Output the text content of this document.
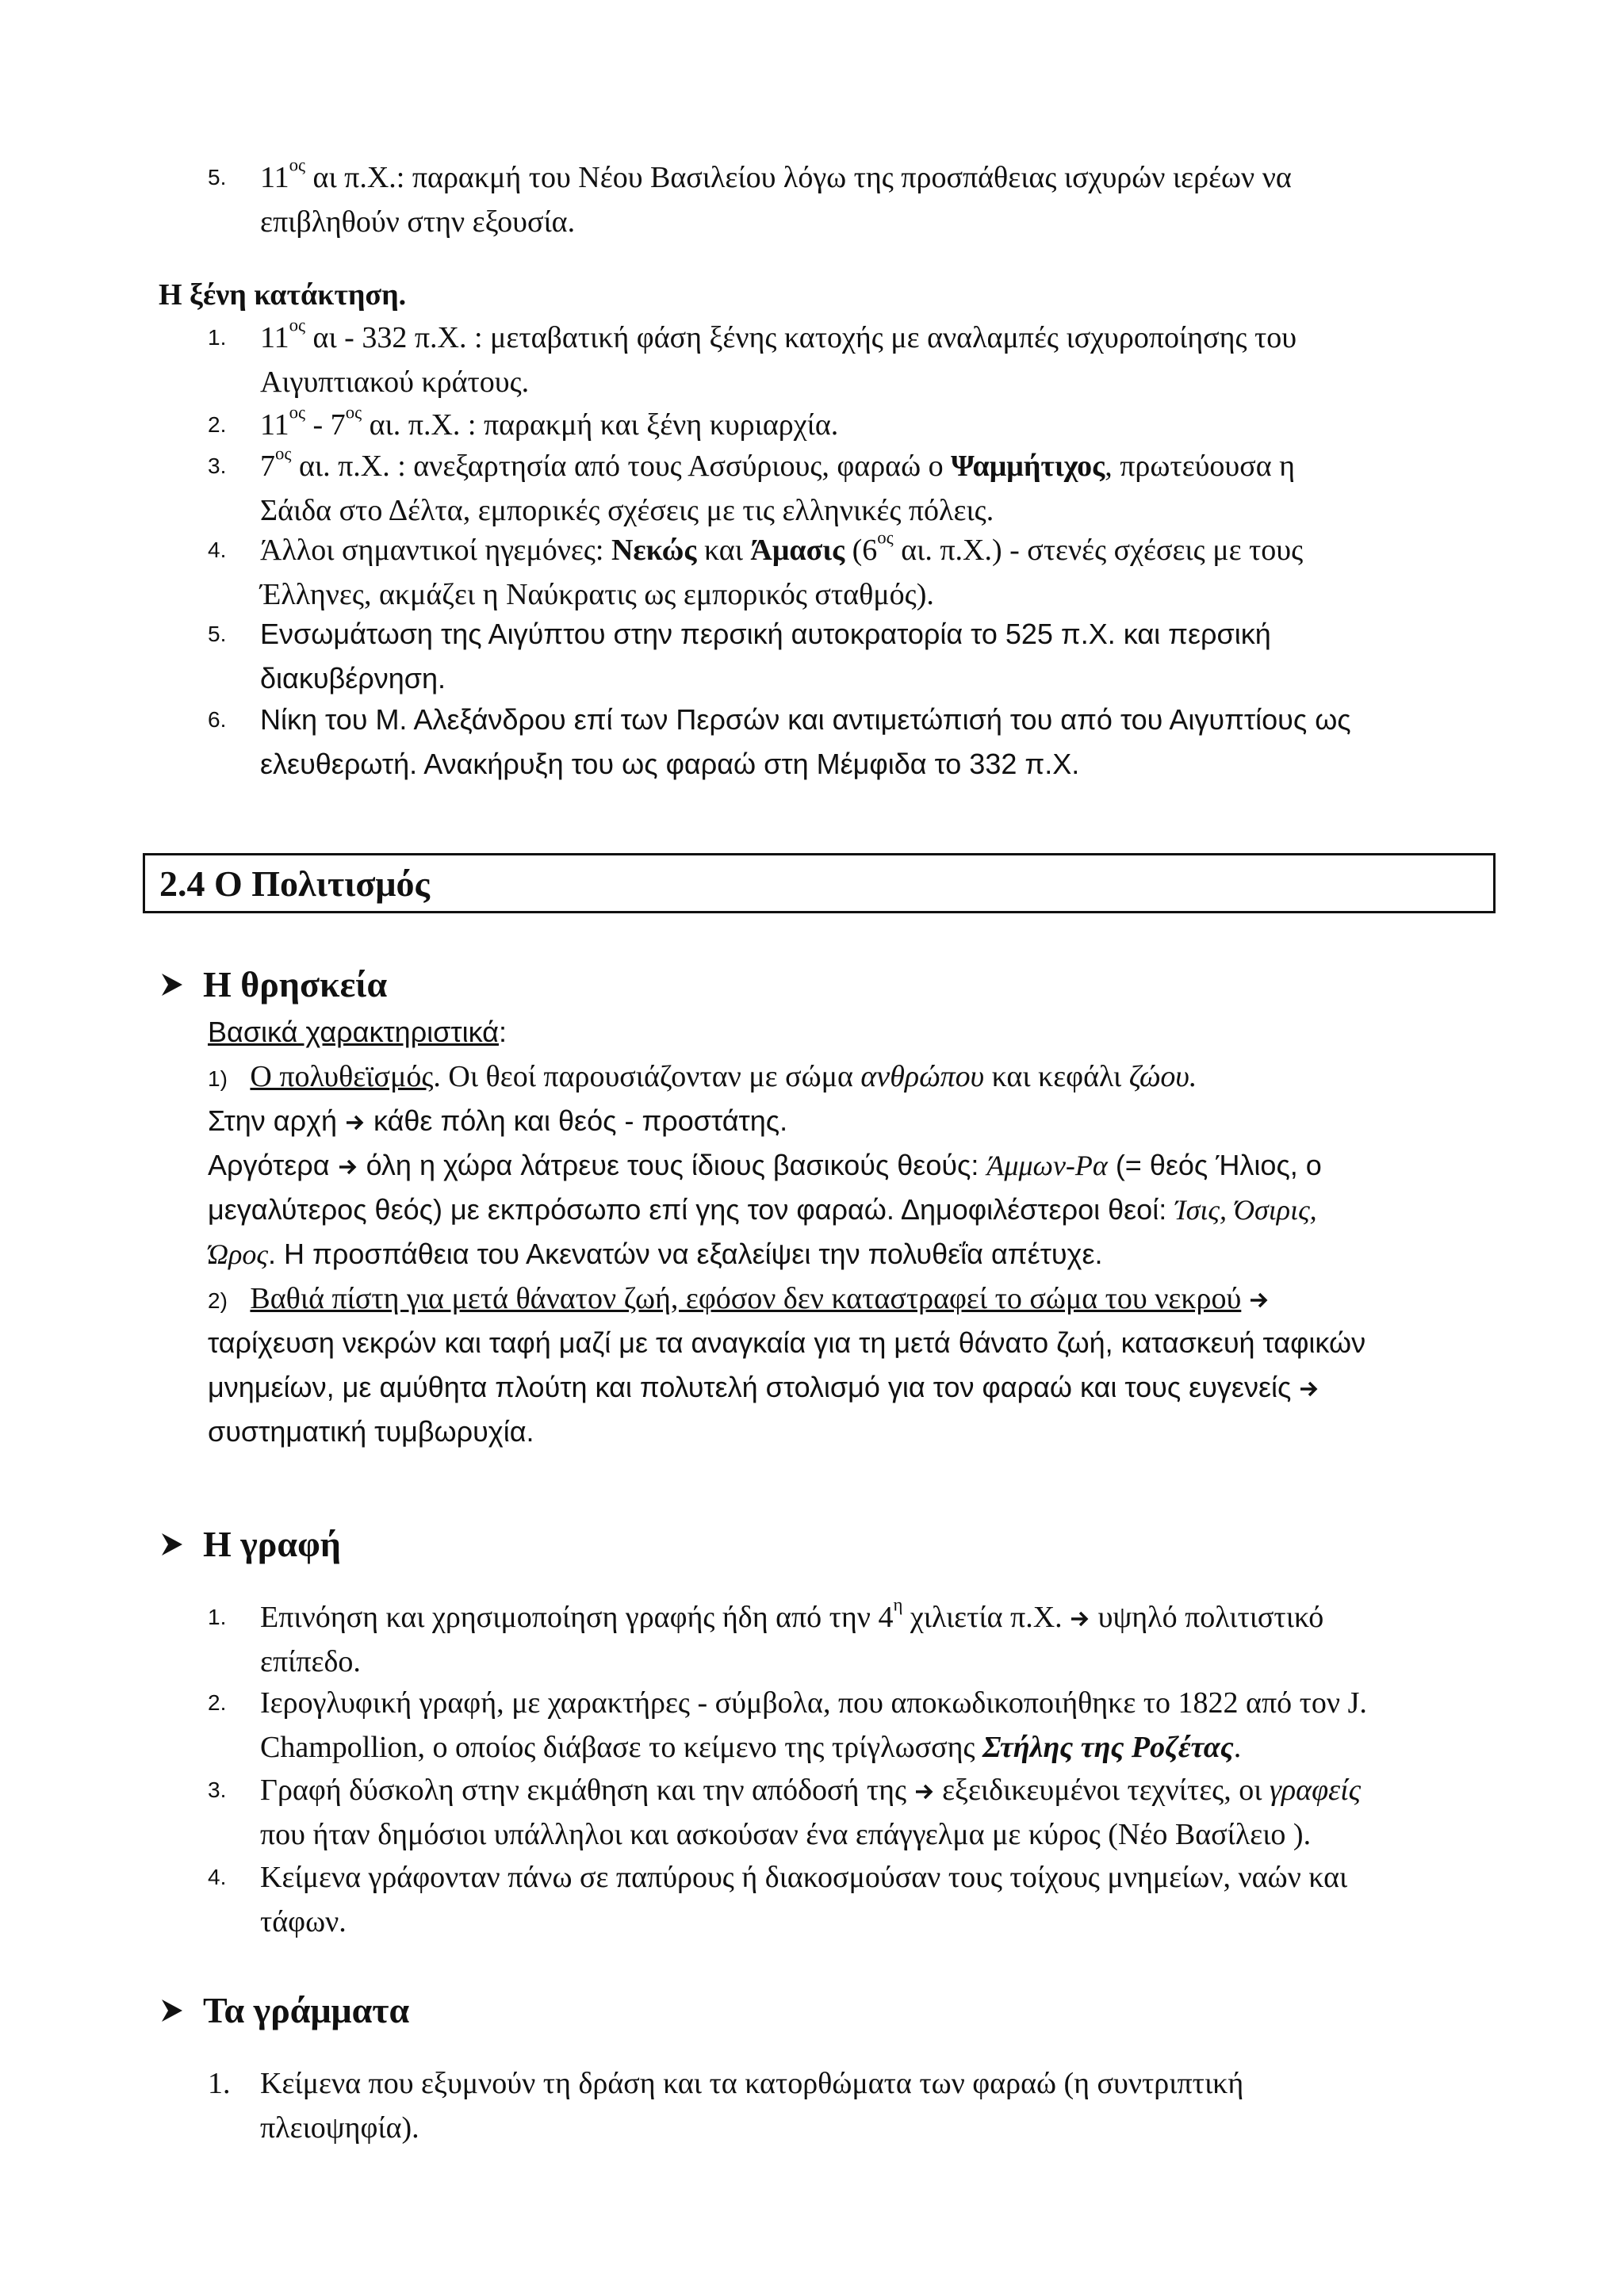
5. $11^{o\varsigma}$ αι π.Χ.: παρακμή του Νέου Βασιλείου λόγω της προσπάθειας ισχυρών ιερέων να
επιβληθούν στην εξουσία.
Η ξένη κατάκτηση.
1. $11^{o\varsigma}$ αι - 332 π.Χ. : μεταβατική φάση ξένης κατοχής με αναλαμπές ισχυροποίησης του
Αιγυπτιακού κράτους.
2. $11^{o\varsigma} - 7^{o\varsigma}$ αι. π.Χ. : παρακμή και ξένη κυριαρχία.
3. $7^{o\varsigma}$ αι. π.Χ. : ανεξαρτησία από τους Ασσύριους, φαραώ ο Ψαμμήτιχος, πρωτεύουσα η
Σάιδα στο Δέλτα, εμπορικές σχέσεις με τις ελληνικές πόλεις.
4. Άλλοι σημαντικοί ηγεμόνες: Νεκώς και Άμασις ($6^{o\varsigma}$ αι. π.Χ.) - στενές σχέσεις με τους
Έλληνες, ακμάζει η Ναύκρατις ως εμπορικός σταθμός).
5. Ενσωμάτωση της Αιγύπτου στην περσική αυτοκρατορία το 525 π.Χ. και περσική
διακυβέρνηση.
6. Νίκη του Μ. Αλεξάνδρου επί των Περσών και αντιμετώπισή του από του Αιγυπτίους ως
ελευθερωτή. Ανακήρυξη του ως φαραώ στη Μέμφιδα το 332 π.Χ.
2.4 Ο Πολιτισμός
Η θρησκεία
Βασικά χαρακτηριστικά:
1) Ο πολυθεϊσμός. Οι θεοί παρουσιάζονταν με σώμα ανθρώπου και κεφάλι ζώου.
Στην αρχή  κάθε πόλη και θεός - προστάτης.
Αργότερα  όλη η χώρα λάτρευε τους ίδιους βασικούς θεούς: Άμμων-Ρα (= θεός Ήλιος, ο
μεγαλύτερος θεός) με εκπρόσωπο επί γης τον φαραώ. Δημοφιλέστεροι θεοί: Ίσις, Όσιρις,
Ώρος. Η προσπάθεια του Ακενατών να εξαλείψει την πολυθεΐα απέτυχε.
2) Βαθιά πίστη για μετά θάνατον ζωή, εφόσον δεν καταστραφεί το σώμα του νεκρού
ταρίχευση νεκρών και ταφή μαζί με τα αναγκαία για τη μετά θάνατο ζωή, κατασκευή ταφικών
μνημείων, με αμύθητα πλούτη και πολυτελή στολισμό για τον φαραώ και τους ευγενείς
συστηματική τυμβωρυχία.
Η γραφή
1. Επινόηση και χρησιμοποίηση γραφής ήδη από την $4^\eta$ χιλιετία π.Χ.  υψηλό πολιτιστικό
επίπεδο.
2. Ιερογλυφική γραφή, με χαρακτήρες - σύμβολα, που αποκωδικοποιήθηκε το 1822 από τον J.
Champollion, ο οποίος διάβασε το κείμενο της τρίγλωσσης Στήλης της Ροζέτας.
3. Γραφή δύσκολη στην εκμάθηση και την απόδοσή της  εξειδικευμένοι τεχνίτες, οι γραφείς
που ήταν δημόσιοι υπάλληλοι και ασκούσαν ένα επάγγελμα με κύρος (Νέο Βασίλειο ).
4. Κείμενα γράφονταν πάνω σε παπύρους ή διακοσμούσαν τους τοίχους μνημείων, ναών και
τάφων.
Τα γράμματα
1. Κείμενα που εξυμνούν τη δράση και τα κατορθώματα των φαραώ (η συντριπτική
πλειοψηφία).
